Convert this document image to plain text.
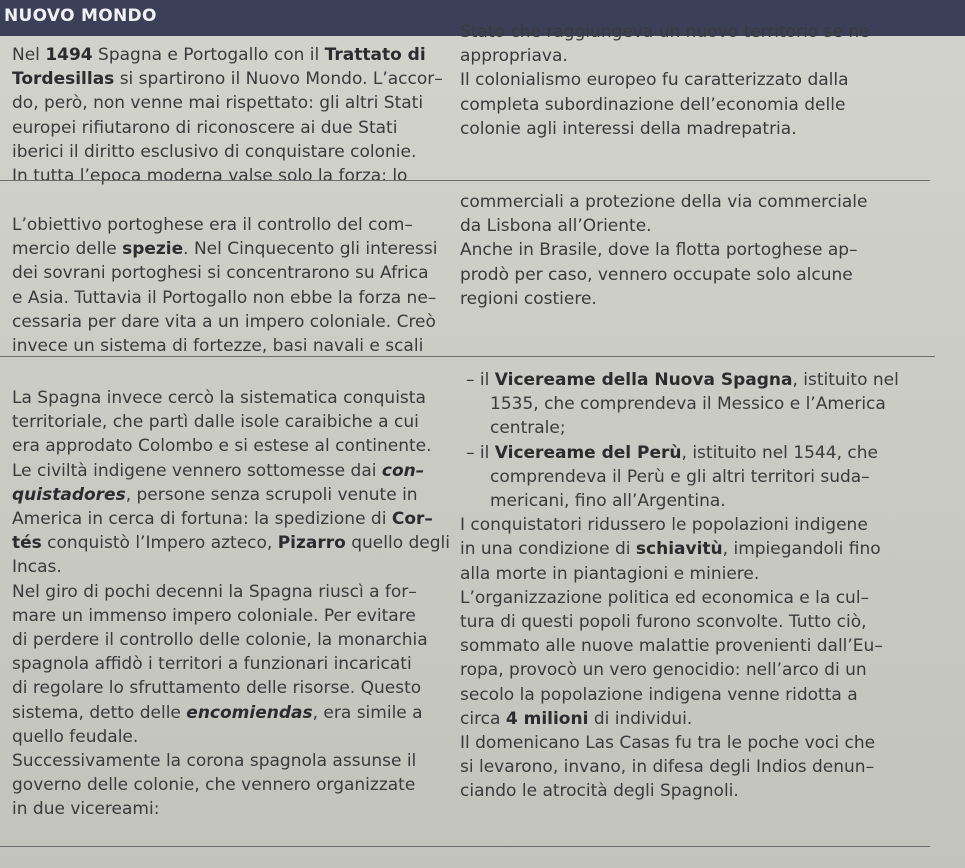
NUOVO MONDO
Nel 1494 Spagna e Portogallo con il Trattato di
Tordesillas si spartirono il Nuovo Mondo. L’accor–
do, però, non venne mai rispettato: gli altri Stati
europei rifiutarono di riconoscere ai due Stati
iberici il diritto esclusivo di conquistare colonie.
In tutta l’epoca moderna valse solo la forza: lo
Stato che raggiungeva un nuovo territorio se ne
appropriava.
Il colonialismo europeo fu caratterizzato dalla
completa subordinazione dell’economia delle
colonie agli interessi della madrepatria.
L’obiettivo portoghese era il controllo del com–
mercio delle spezie. Nel Cinquecento gli interessi
dei sovrani portoghesi si concentrarono su Africa
e Asia. Tuttavia il Portogallo non ebbe la forza ne–
cessaria per dare vita a un impero coloniale. Creò
invece un sistema di fortezze, basi navali e scali
commerciali a protezione della via commerciale
da Lisbona all’Oriente.
Anche in Brasile, dove la flotta portoghese ap–
prodò per caso, vennero occupate solo alcune
regioni costiere.
La Spagna invece cercò la sistematica conquista
territoriale, che partì dalle isole caraibiche a cui
era approdato Colombo e si estese al continente.
Le civiltà indigene vennero sottomesse dai con–
quistadores, persone senza scrupoli venute in
America in cerca di fortuna: la spedizione di Cor–
tés conquistò l’Impero azteco, Pizarro quello degli
Incas.
Nel giro di pochi decenni la Spagna riuscì a for–
mare un immenso impero coloniale. Per evitare
di perdere il controllo delle colonie, la monarchia
spagnola affidò i territori a funzionari incaricati
di regolare lo sfruttamento delle risorse. Questo
sistema, detto delle encomiendas, era simile a
quello feudale.
Successivamente la corona spagnola assunse il
governo delle colonie, che vennero organizzate
in due vicereami:
– il Vicereame della Nuova Spagna, istituito nel
1535, che comprendeva il Messico e l’America
centrale;
– il Vicereame del Perù, istituito nel 1544, che
comprendeva il Perù e gli altri territori suda–
mericani, fino all’Argentina.
I conquistatori ridussero le popolazioni indigene
in una condizione di schiavitù, impiegandoli fino
alla morte in piantagioni e miniere.
L’organizzazione politica ed economica e la cul–
tura di questi popoli furono sconvolte. Tutto ciò,
sommato alle nuove malattie provenienti dall’Eu–
ropa, provocò un vero genocidio: nell’arco di un
secolo la popolazione indigena venne ridotta a
circa 4 milioni di individui.
Il domenicano Las Casas fu tra le poche voci che
si levarono, invano, in difesa degli Indios denun–
ciando le atrocità degli Spagnoli.
